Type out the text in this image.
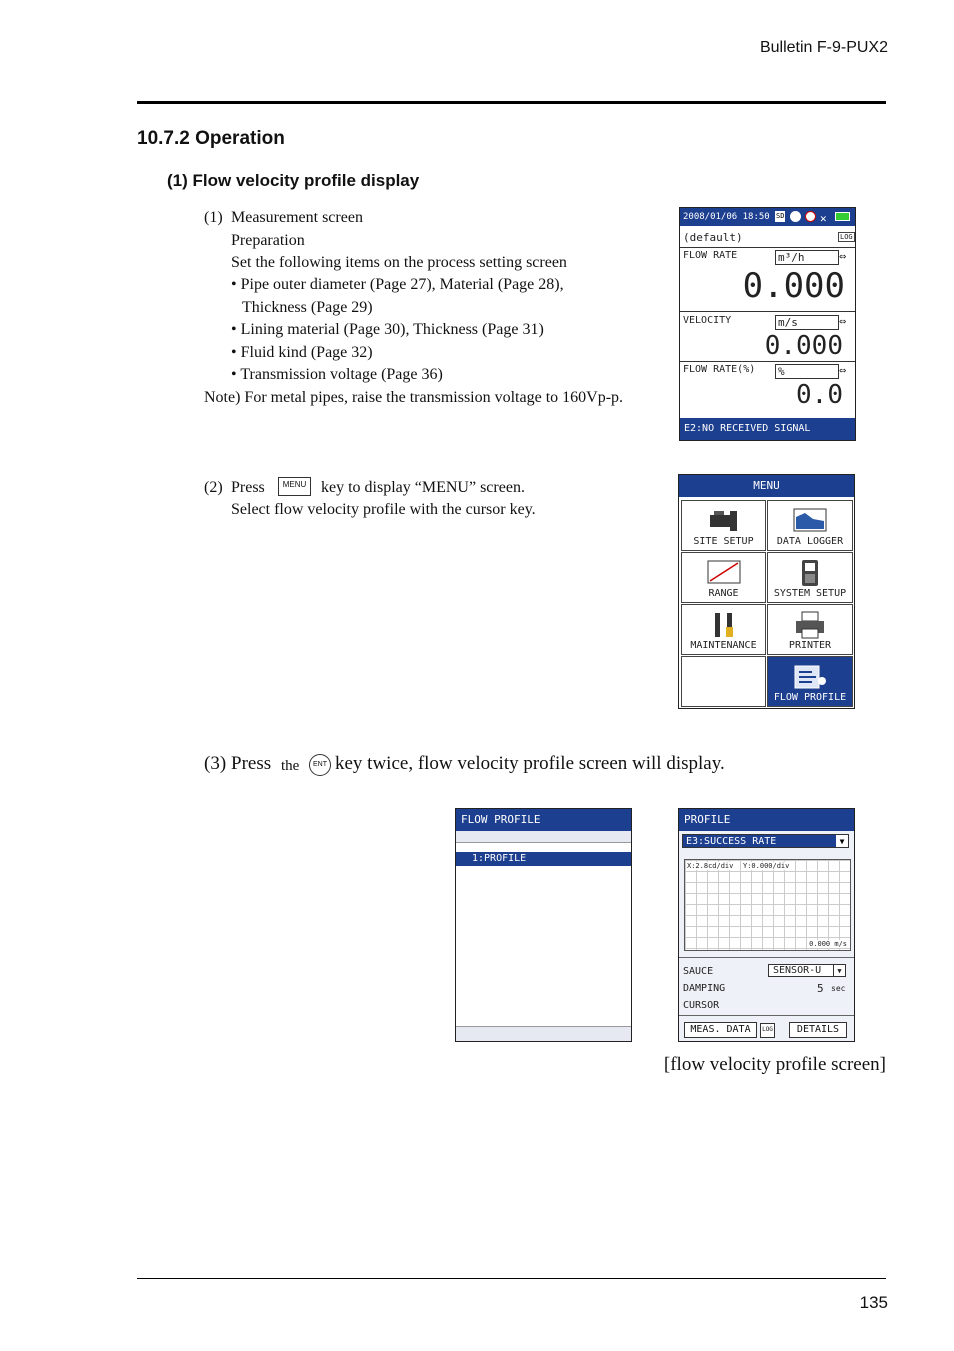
Bulletin F-9-PUX2
10.7.2 Operation
(1) Flow velocity profile display
(1) Measurement screen
Preparation
Set the following items on the process setting screen
• Pipe outer diameter (Page 27), Material (Page 28),
Thickness (Page 29)
• Lining material (Page 30), Thickness (Page 31)
• Fluid kind (Page 32)
• Transmission voltage (Page 36)
Note) For metal pipes, raise the transmission voltage to 160Vp-p.
2008/01/06 18:50 SD	✕
(default)	LOG
FLOW RATE	m³/h	⇔
0.000
VELOCITY	m/s	⇔
0.000
FLOW RATE(%) %	⇔
0.0
E2:NO RECEIVED SIGNAL
(2) Press	MENU key to display “MENU” screen.
Select flow velocity profile with the cursor key.
MENU
SITE SETUP	DATA LOGGER
RANGE	SYSTEM SETUP
MAINTENANCE	PRINTER
FLOW PROFILE
(3) Press the	ENT key twice, flow velocity profile screen will display.
FLOW PROFILE
1:PROFILE
PROFILE
E3:SUCCESS RATE	▼
X:2.8cd/div Y:0.000/div
0.000 m/s
SAUCE	SENSOR-U	▼
DAMPING	5 sec
CURSOR
MEAS. DATA	LOG	DETAILS
[flow velocity profile screen]
135
